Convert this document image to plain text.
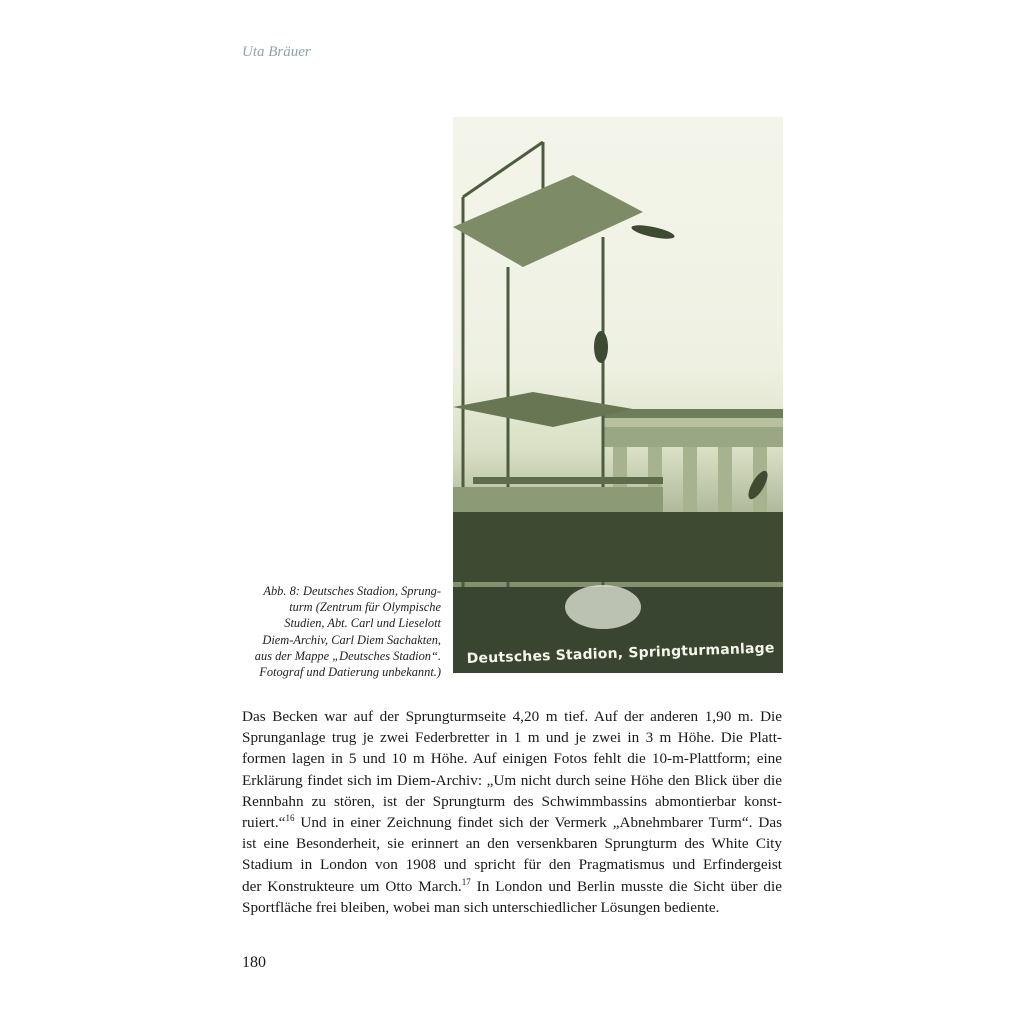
Uta Bräuer
Deutsches Stadion, Springturmanlage
Abb. 8: Deutsches Stadion, Sprung-
turm (Zentrum für Olympische
Studien, Abt. Carl und Lieselott
Diem-Archiv, Carl Diem Sachakten,
aus der Mappe „Deutsches Stadion“.
Fotograf und Datierung unbekannt.)
Das Becken war auf der Sprungturmseite 4,20 m tief. Auf der anderen 1,90 m. Die
Sprunganlage trug je zwei Federbretter in 1 m und je zwei in 3 m Höhe. Die Platt-
formen lagen in 5 und 10 m Höhe. Auf einigen Fotos fehlt die 10-m-Plattform; eine
Erklärung findet sich im Diem-Archiv: „Um nicht durch seine Höhe den Blick über die
Rennbahn zu stören, ist der Sprungturm des Schwimmbassins abmontierbar konst-
ruiert.“$^{16}$ Und in einer Zeichnung findet sich der Vermerk „Abnehmbarer Turm“. Das
ist eine Besonderheit, sie erinnert an den versenkbaren Sprungturm des White City
Stadium in London von 1908 und spricht für den Pragmatismus und Erfindergeist
der Konstrukteure um Otto March.$^{17}$ In London und Berlin musste die Sicht über die
Sportfläche frei bleiben, wobei man sich unterschiedlicher Lösungen bediente.
180
